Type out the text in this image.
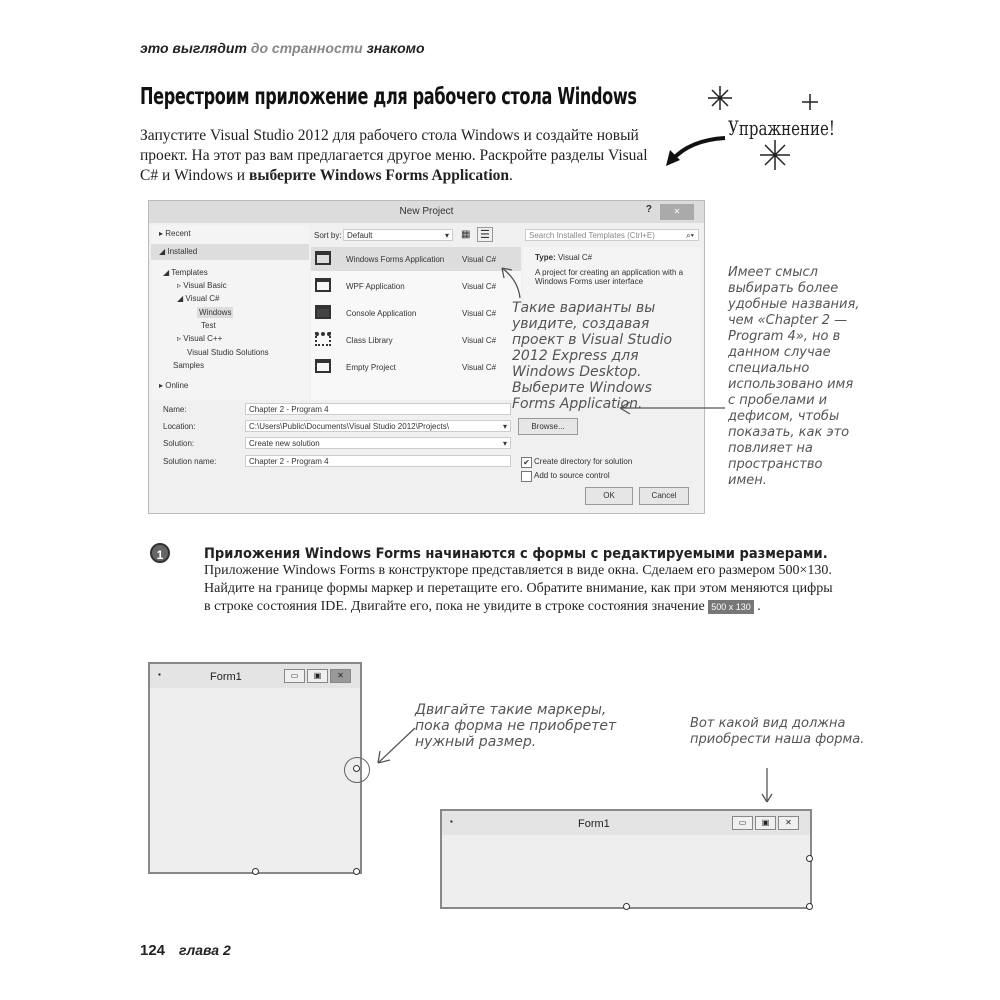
это выглядит до странности знакомо
Перестроим приложение для рабочего стола Windows
Запустите Visual Studio 2012 для рабочего стола Windows и создайте новый проект. На этот раз вам предлагается другое меню. Раскройте разделы Visual C# и Windows и выберите Windows Forms Application.
Упражнение!
New Project	?	✕
▸ Recent
◢ Installed
◢ Templates
▹ Visual Basic
◢ Visual C#
Windows
Test
▹ Visual C++
Visual Studio Solutions
Samples
▸ Online
Sort by: Default	▾ ▦ ☰	Search Installed Templates (Ctrl+E)	⌕▾
Windows Forms Application Visual C#
WPF Application	Visual C#
Console Application	Visual C#
Class Library	Visual C#
Empty Project	Visual C#
Type: Visual C#
A project for creating an application with a Windows Forms user interface
Name:	Chapter 2 - Program 4
Location:	C:\Users\Public\Documents\Visual Studio 2012\Projects\	▾	Browse...
Solution:	Create new solution	▾
Solution name:	Chapter 2 - Program 4	✔ Create directory for solution
Add to source control
OK	Cancel
Такие варианты вы увидите, создавая проект в Visual Studio 2012 Express для Windows Desktop. Выберите Windows Forms Application.
Имеет смысл выбирать более удобные названия, чем «Chapter 2 — Program 4», но в данном случае специально использовано имя с пробелами и дефисом, чтобы показать, как это повлияет на пространство имен.
1	Приложения Windows Forms начинаются с формы с редактируемыми размерами.
Приложение Windows Forms в конструкторе представляется в виде окна. Сделаем его размером 500×130. Найдите на границе формы маркер и перетащите его. Обратите внимание, как при этом меняются цифры в строке состояния IDE. Двигайте его, пока не увидите в строке состояния значение 500 x 130 .
▪	Form1	▭	▣	✕
Двигайте такие маркеры, пока форма не приобретет нужный размер.
Вот какой вид должна приобрести наша форма.
▪	Form1	▭	▣	✕
124 глава 2
